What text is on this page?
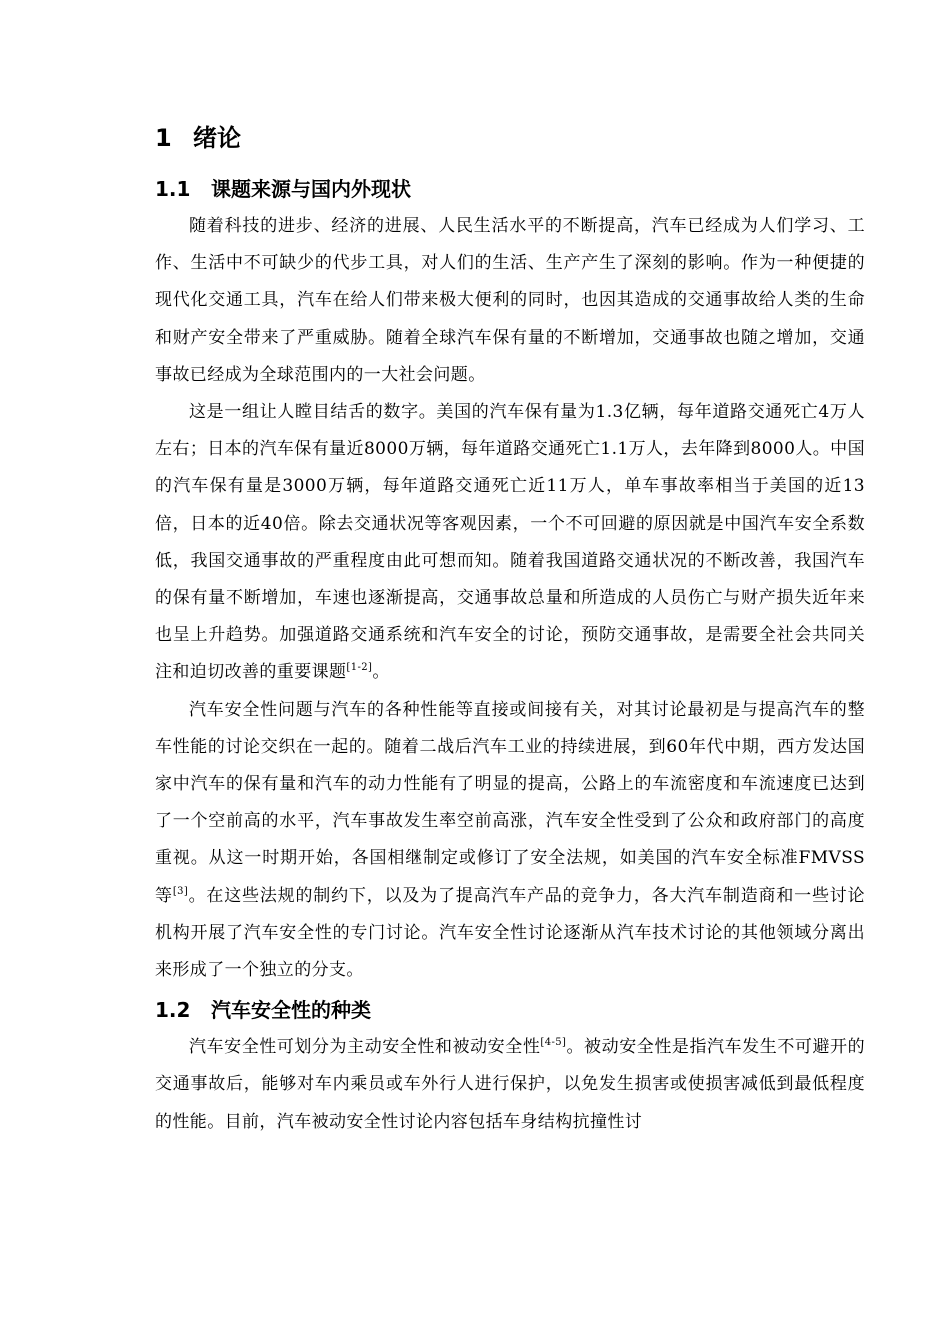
1 绪论
1.1 课题来源与国内外现状

随着科技的进步、经济的进展、人民生活水平的不断提高，汽车已经成为人们学习、工作、生活中不可缺少的代步工具，对人们的生活、生产产生了深刻的影响。作为一种便捷的现代化交通工具，汽车在给人们带来极大便利的同时，也因其造成的交通事故给人类的生命和财产安全带来了严重威胁。随着全球汽车保有量的不断增加，交通事故也随之增加，交通事故已经成为全球范围内的一大社会问题。

这是一组让人瞠目结舌的数字。美国的汽车保有量为1.3亿辆，每年道路交通死亡4万人左右；日本的汽车保有量近8000万辆，每年道路交通死亡1.1万人，去年降到8000人。中国的汽车保有量是3000万辆，每年道路交通死亡近11万人，单车事故率相当于美国的近13倍，日本的近40倍。除去交通状况等客观因素，一个不可回避的原因就是中国汽车安全系数低，我国交通事故的严重程度由此可想而知。随着我国道路交通状况的不断改善，我国汽车的保有量不断增加，车速也逐渐提高，交通事故总量和所造成的人员伤亡与财产损失近年来也呈上升趋势。加强道路交通系统和汽车安全的讨论，预防交通事故，是需要全社会共同关注和迫切改善的重要课题[1-2]。

汽车安全性问题与汽车的各种性能等直接或间接有关，对其讨论最初是与提高汽车的整车性能的讨论交织在一起的。随着二战后汽车工业的持续进展，到60年代中期，西方发达国家中汽车的保有量和汽车的动力性能有了明显的提高，公路上的车流密度和车流速度已达到了一个空前高的水平，汽车事故发生率空前高涨，汽车安全性受到了公众和政府部门的高度重视。从这一时期开始，各国相继制定或修订了安全法规，如美国的汽车安全标准FMVSS等[3]。在这些法规的制约下，以及为了提高汽车产品的竞争力，各大汽车制造商和一些讨论机构开展了汽车安全性的专门讨论。汽车安全性讨论逐渐从汽车技术讨论的其他领域分离出来形成了一个独立的分支。

1.2 汽车安全性的种类

汽车安全性可划分为主动安全性和被动安全性[4-5]。被动安全性是指汽车发生不可避开的交通事故后，能够对车内乘员或车外行人进行保护，以免发生损害或使损害减低到最低程度的性能。目前，汽车被动安全性讨论内容包括车身结构抗撞性讨
